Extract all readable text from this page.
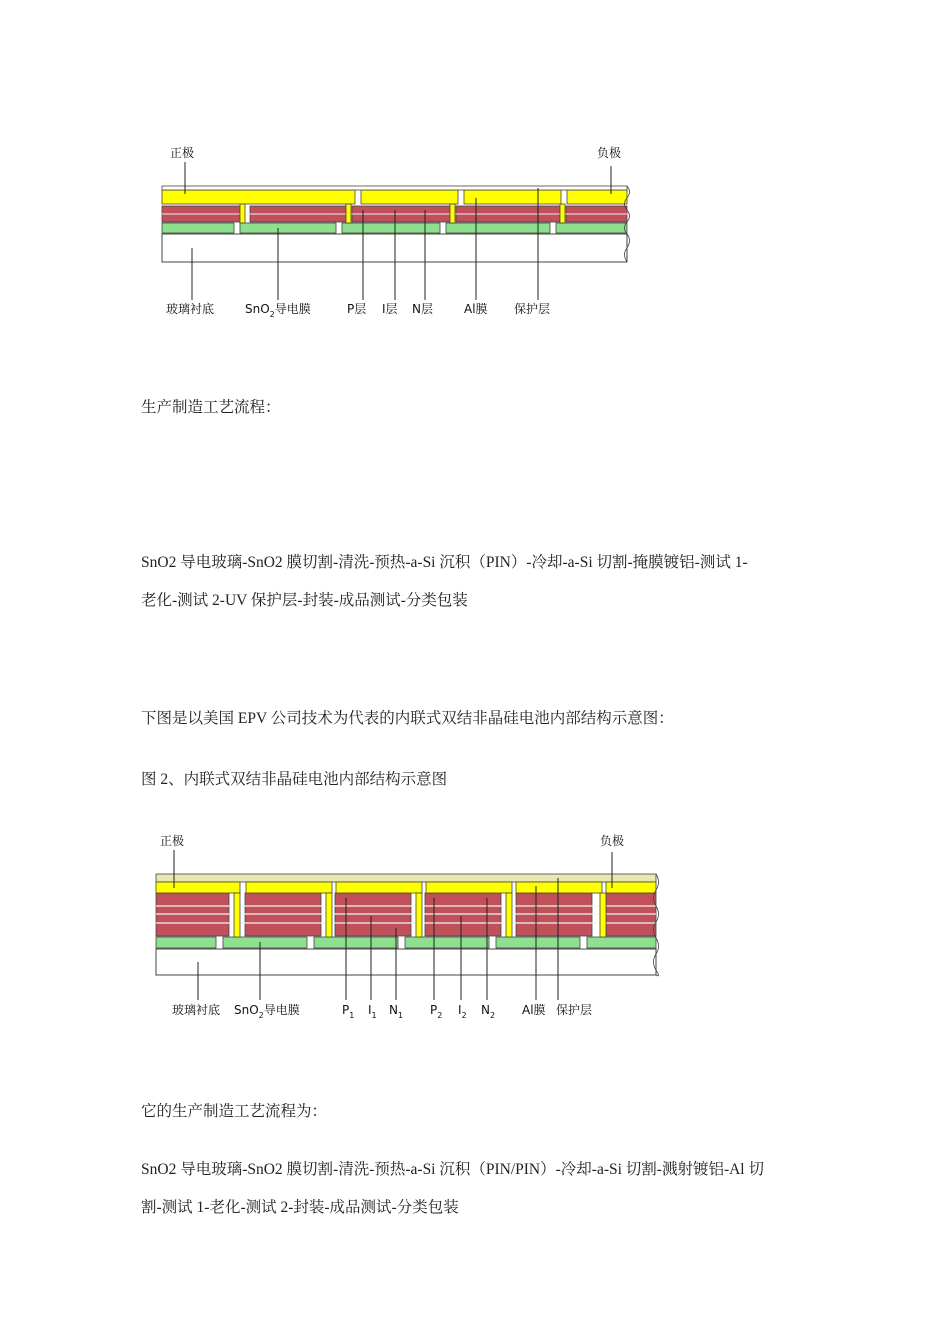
正极	负极
玻璃衬底	SnO$_2$导电膜	P层 I层 N层	Al膜 保护层

生产制造工艺流程：

SnO2 导电玻璃-SnO2 膜切割-清洗-预热-a-Si 沉积（PIN）-冷却-a-Si 切割-掩膜镀铝-测试 1-

老化-测试 2-UV 保护层-封装-成品测试-分类包装

下图是以美国 EPV 公司技术为代表的内联式双结非晶硅电池内部结构示意图：

图 2、内联式双结非晶硅电池内部结构示意图

正极	负极
玻璃衬底 SnO$_2$导电膜	$P_1$ $I_1$ $N_1$ $P_2$ $I_2$ $N_2$ Al膜 保护层

它的生产制造工艺流程为：

SnO2 导电玻璃-SnO2 膜切割-清洗-预热-a-Si 沉积（PIN/PIN）-冷却-a-Si 切割-溅射镀铝-Al 切

割-测试 1-老化-测试 2-封装-成品测试-分类包装
